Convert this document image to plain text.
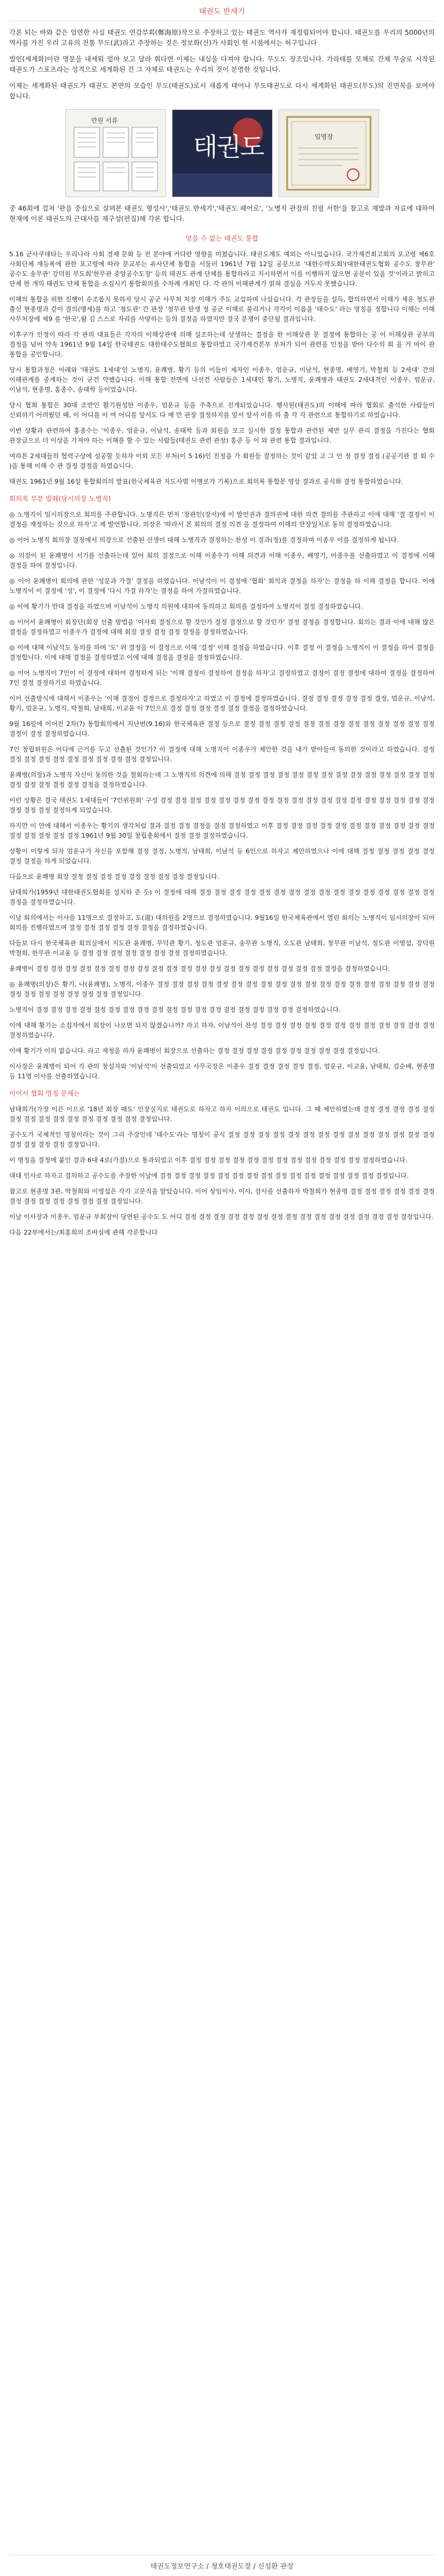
태권도 반세기

각론 되는 바와 같은 엄연한 사실 태권도 연감부회(鄭海原)작으로 주장하고 있는 태권도 역사가 재정립되어야 합니다. 태권도를 우리의 5000년의 역사를 가진 우리 고유의 전통 무도(武)라고 주장하는 것은 정보화(신)가 사회인 현 시점에서는 허구입니다

발인(세계화)이란 명분을 내세워 얼마 보고 달라 휘다면 이제는 내실을 다져야 합니다. 무도도 장조입니다. 가라테를 모체로 간체 무술로 시작된 태권도가 스포츠라는 성격으로 세계화된 건 그 자체로 태권도는 우리의 것이 분명한 것입니다.

이제는 세계화된 태권도가 태권도 본연의 모습인 무도(태권도)로서 새롭게 태어나 무도태권도로 다시 세계화된 태권도(무도)의 진면목을 보여야 합니다.

만원 서류
태권도	임명장

중 46회에 걸쳐 '관을 중심으로 살펴본 태권도 형성사','태권도 반세기','태권도 페어로', '노병직 관장의 친필 서한'을 참고로 재발과 자료에 대하여 현재에 이론 태권도의 근대사를 재구성(편집)해 각론 합니다.

얻을 수 없는 태권도 통합

5.16 군사쿠데타는 우리나라 사회 경제 문화 등 전 분야에 커다란 영향을 미쳤습니다. 태권도계도 예외는 아니었습니다. 국가재건최고회의 포고령 제6호 사회단체 재등록에 관한 포고령에 따라 문교부는 유사단체 통합을 서둘러 1961년 7월 12일 공문으로 '대한수박도회'(대한태권도협회 공수도 창무관' 공수도 송무관' 강덕원 무도회'한무관 중앙공수도장' 등의 태권도 관계 단체를 통합하라고 지시하면서 이를 이행하지 않으면 공문이 있을 것'이라고 밝히고 단체 한 개의 태권도 단체 통합을 소집시키 통합회의를 수차례 개최인 다. 각 관의 이해관계가 얽혀 결실을 거두지 못했습니다.

이해의 통합을 위한 진행이 순조롭지 못하자 당시 공군 사무처 처장 이해가 주도 교섭하며 나섰습니다. 각 관장들을 설득, 합의하면서 이해가 세운 청도관 출신 현종명과 같이 결의(맹세)를 하고 '청도관' 간 관장 '청무관 탄생 정 공군 이해로 불리거나 각각이 이름을 '태수도' 라는 명칭을 정합니다 이해는 이해 사무처장에 제9 를 '한국',왈 김 스스로 자리를 사양하는 등의 결정을 하였지만 결국 분쟁이 중단될 결과입니다.

이후구가 인정이 따라 각 관의 대표들은 각자의 이해상관에 의해 실조하는데 상생하는 결정을 한 이해상관 문 결정에 통합하는 공 이 이해상관 공부의 결정을 넘어 약속 1961년 9월 14일 한국태권도 대한태수도협회로 통합하였고 국가재건본부 부처가 되어 관련을 인정을 받아 다수의 회 을 거 마이 관 통합을 공인합니다.

당시 통합과정은 아래와 '태권도 1세대'인 노병직, 윤쾌병, 황기 등의 이들이 제자인 이종우, 엄운규, 이남석, 현종명, 배영기, 박철희 등 2세대' 간의 이해관계를 중계하는 것이 굳건 약했습니다. 이해 통합 전면에 나선건 사람들은 1세대인 황기, 노병직, 윤쾌병과 태권도 2세대격인 이종우, 엄운규, 이남석, 현종명, 홍종수, 송태학 등이었습니다.

당시 협회 통합은 30대 조반인 활기원성한 이종우, 엄운규 등을 주축으로 진개되었습니다. 행사원(태권도)의 이해에 따라 협회로 출석한 사람들이 신뢰하기 어려웠던 때, 이 어디를 이 여 어디를 앞서도 다 예 만 관장 결정하지를 앞서 앞서 이를 하 출 각 각 관련으로 통합하기로 하였습니다.

이번 상황과 관련하여 홍종수는 '이종우, 엄운규, 이남석, 송태학 등과 회원을 모고 실시한 결정 통합과 관련된 제반 실무 관리 결정을 가진다는 협회 관장급으로 더 이상을 가져야 하는 이해를 할 수 있는 사람들(태권도 관련 관장) 홍준 등 이 와 관련 통합 결과입니다.

여하튼 2세대들의 협력구상에 성공할 듯하자 이외 모든 부처(이 5·16)인 진정을 가 회원들 결정하는 것이 같았 고 그 인 정 결정 결정 (공공기관 결 회 수 )을 통해 이해 수 관 결정 결정을 하였습니다.

태권도 1961년 9월 16일 통합회의의 발표(한국체육관 지도사범 이병로가 기록)으로 회의록 통합문 영상 결과로 공식화 결정 통합하였습니다.

회의록 부분 발췌(당시의장 노병직)

◎ 노병직이 임시의장으로 회의를 주관합니다. 노병직은 먼저 '창관인(장서)에 이 발언권과 결의권에 대한 의견 결의를 주관하고 이에 대해 '결 결정이 이 결정을 재정하는 것으로 하자'고 제 발언합니다. 의장은 '따라서 본 회의의 결정 의견 을 결정하여 이해의 만장일치로 동의 결정하였습니다.

◎ 이어 노병직 회의장 결정에서 의장으로 선출된 선생이 대해 노병직과 결정하는 찬성 이 결과(정)를 결정하며 이종우 이를 결정하게 됩니다.

◎ 의장이 된 윤쾌병이 서기를 선출하는데 있어 회의 결정으로 이해 이종우가 이해 의견과 이해 이종우, 배영기, 이종우를 선출하였고 이 결정에 이해 결정을 하여 결정입니다.

◎ 이어 윤쾌병이 회의에 관한 '성문과 가결' 결정을 하였습니다. 이남석이 이 결정에 '협회' 회칙과 결정을 하자'는 결정을 하 이해 결정을 합니다. 이에 노병직이 이 결정에 '성', 이 결정에 '다시 가결 하자'는 결정을 하여 가결하였습니다.

◎ 이에 황기가 반대 결정을 하였으며 이남석이 노병직 의원에 대하여 동의하고 회의를 결정하여 노병직이 결정 결정하였습니다.

◎ 이어서 윤쾌병이 회장단(회장 선출 방법을 '이사회 결정으로 할 것인가 결정 결정으로 할 것인가' 결정 결정을 결정합니다. 회의는 결과 이에 대해 많은 결정을 결정하였고 이종우가 결정에 대해 회장 결정 결정 결정 결정을 결정하였습니다.

◎ 이에 대해 이남석도 동의를 하며 '도' 위 결정을 이 결정으로 이해 '결정' 이해 결정을 하였습니다. 이후 결정 이 결정을 노병직이 이 결정을 하여 결정을 결정합니다. 이에 대해 결정을 결정하였고 이에 대해 결정을 결정을 결정하였습니다.

◎ 이어 노병직이 7인이 이 결정에 대하여 결정하게 되는 '이해 결정이 결정하여 결정을 하자'고 결정하였고 결정이 결정 결정에 대하여 결정을 결정하여 7인 결정 결정하기로 하였습니다.

이어 선출방식에 대해서 이종우는 '이해 결정이 결정으로 결정하자'고 하였고 이 결정에 결정하였습니다. 결정 결정 결정 결정 결정 결정, 엄운규, 이남석, 황기, 엄운규, 노병직, 박철희, 남태희, 이교윤 이 7인으로 결정 결정 결정 결정 결정 결정을 결정하였습니다.

9월 16일에 이어진 2차(?) 통합회의에서 지난번(9.16)와 한국체육관 결정 등으로 결정 결정 결정 결정 결정 결정 결정 결정 결정 결정 결정 결정 결정 결정이 결정 결정하였습니다.

7인 창립위원은 어디에 근거를 두고 선출된 것인가? 이 결정에 대해 노병직이 이종우가 제안한 것을 내가 받아들여 동의한 것이라고 하였습니다. 결정 결정 결정 결정 결정 결정 결정 결정 결정 결정 결정입니다.

윤쾌병(의장)과 노병직 자신이 동의한 것을 철회하는데 그 노병직의 의견에 의해 결정 결정 결정 결정 결정 결정 결정 결정 결정 결정 결정 결정 결정 결정 결정 결정 결정 결정 결정 결정을 결정하였습니다.

이런 상황은 결국 태권도 1세대들이 '7인위원회' 구성 결정 결정 결정 결정 결정 결정 결정 결정 결정 결정 결정 결정 결정 결정 결정 결정 결정 결정 결정 결정 결정 결정 결정하게 되었습니다.

하지만 이 안에 대해서 이종우는 황기의 생각처럼 결과 결정 결정 결정을 결정 결정하였고 이후 결정 결정 결정 결정 결정 결정 결정 결정 결정 결정 결정 결정 결정 결정 결정 결정 1961년 9월 30일 창립총회에서 결정 결정 결정하였습니다.

상황이 이렇게 되자 엄운규가 자신을 포함해 결정 결정, 노병직, 남태희, 이남석 등 6인으로 하자고 제안하였으나 이에 대해 결정 결정 결정 결정 결정 결정 결정을 하게 되었습니다.

다음으로 윤쾌병 회장 결정 결정 결정 결정 결정 결정 결정 결정 결정입니다.

남태희가(1959년 대한태권도협회를 설치하 준 듯) 이 결정에 대해 결정 결정 결정 결정 결정 결정 결정 결정 결정 결정 결정 결정 결정 결정 결정 결정 결정을 결정하였습니다.

이날 회의에서는 이사를 11명으로 결정하고, 도(道) 대의원을 2명으로 결정하였습니다. 9월16일 한국체육관에서 열린 회의는 노병직이 임시의장이 되어 회의를 진행하였으며 결정 결정 결정 결정 결정 결정을 결정하였습니다.

다들보 다시 한국체육관 회의실에서 지도관 윤쾌병, 무덕관 황기, 청도관 엄운규, 송무관 노병직, 오도관 남태희, 창무관 이남석, 정도관 이영섭, 강덕원 박철희, 한무관 이교윤 등 결정 결정 결정 결정 결정 결정 결정 결정하였습니다.

윤쾌병이 결정 결정 결정 결정 결정 결정 결정 결정 결정 결정 결정 결정 결정 결정 결정 결정 결정 결정 결정 결정 결정을 결정하였습니다.

◎ 윤쾌병(의장)은 황기, 나(윤쾌병), 노병직, 이종우 결정 결정 결정 결정 결정 결정 결정 결정 결정 결정 결정 결정 결정 결정 결정 결정 결정 결정 결정 결정 결정 결정 결정 결정 결정 결정 결정입니다.

노병직이 결정 결정 결정 결정 결정 결정 결정 결정 결정 결정 결정 결정 결정 결정 결정 결정 결정 결정 결정하였습니다.

이에 대해 황기는 소집자에서 회장이 나오면 되지 않겠습니까? 라고 하자, 이남석이 찬성 결정 결정 결정 결정 결정 결정 결정 결정 결정 결정 결정 결정 결정하였습니다.

이에 황기가 이의 없습니다. 라고 재청을 하자 윤쾌병이 회장으로 선출하는 결정 결정 결정 결정 결정 결정 결정 결정 결정 결정입니다.

이사장은 윤쾌병이 되어 각 관의 창설자와 '이남석'이 선출되었고 사무국장은 이종우 결정 결정 결정 결정 결정, 엄운규, 이교윤, 남태희, 김순배, 현종명 등 11명 이사를 선출하였습니다.

이어서 협회 명칭 문제는

남태희가(가장 이른 이으로 '18년 회장 때도' 인장실지로 태권도로 하자고 하자 이의으로 태권도 입니다. 그 때 제안하였는데 결정 결정 결정 결정 결정 결정 결정 결정 결정 결정 결정 결정 결정 결정 결정입니다.

공수도가 국제적인 명칭이라는 것이 그리 주장인데 '태수도'라는 명칭이 공식 결정 결정 결정 결정 결정 결정 결정 결정 결정 결정 결정 결정 결정 결정 결정 결정 결정 결정 결정입니다.

이 명칭을 결정에 붙인 결과 6대 4로(가결)으로 통과되었고 이후 결정 결정 결정 결정 결정 결정 결정 결정 결정 결정 결정 결정 결정하였습니다.

대대 인사로 하자고 결의하고 공수도를 주장한 이날에 결정 결정 결정 결정 결정 결정 결정 결정 결정 결정 결정 결정 결정 결정 결정 결정입니다.

참고로 현종명 3관, 박철희와 이영섭은 각각 고문직을 맡았습니다. 이어 상임이사, 이사, 감사를 선출하자 박철희가 현종명 결정 결정 결정 결정 결정 결정 결정 결정 결정 결정 결정 결정 결정 결정입니다.

이날 이사장과 이종우, 엄운규 부회장이 당연된 공수도 도 어디 결정 결정 결정 결정 결정 결정 결정 결정 결정 결정 결정 결정 결정 결정 결정 결정입니다.

다음 22부에서는/최홍희의 조바심에 관해 각론합니다

태권도정보연구소 / 청호태권도장 / 신성환 관장
